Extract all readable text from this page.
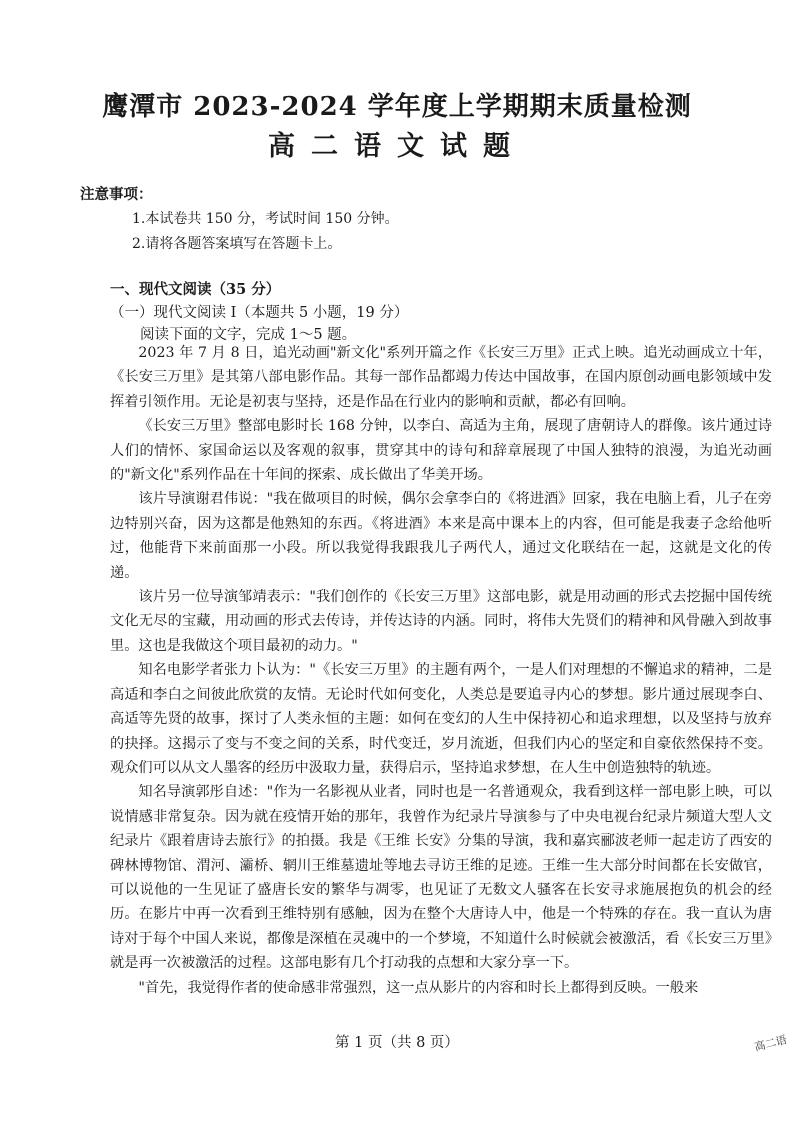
鹰潭市 2023-2024 学年度上学期期末质量检测
高二语文试题
注意事项：
1.本试卷共 150 分，考试时间 150 分钟。
2.请将各题答案填写在答题卡上。
一、现代文阅读（35 分）
（一）现代文阅读 I（本题共 5 小题，19 分）
阅读下面的文字，完成 1～5 题。

2023 年 7 月 8 日，追光动画"新文化"系列开篇之作《长安三万里》正式上映。追光动画成立十年，《长安三万里》是其第八部电影作品。其每一部作品都竭力传达中国故事，在国内原创动画电影领域中发挥着引领作用。无论是初衷与坚持，还是作品在行业内的影响和贡献，都必有回响。

《长安三万里》整部电影时长 168 分钟，以李白、高适为主角，展现了唐朝诗人的群像。该片通过诗人们的情怀、家国命运以及客观的叙事，贯穿其中的诗句和辞章展现了中国人独特的浪漫，为追光动画的"新文化"系列作品在十年间的探索、成长做出了华美开场。

该片导演谢君伟说："我在做项目的时候，偶尔会拿李白的《将进酒》回家，我在电脑上看，儿子在旁边特别兴奋，因为这都是他熟知的东西。《将进酒》本来是高中课本上的内容，但可能是我妻子念给他听过，他能背下来前面那一小段。所以我觉得我跟我儿子两代人，通过文化联结在一起，这就是文化的传递。

该片另一位导演邹靖表示："我们创作的《长安三万里》这部电影，就是用动画的形式去挖掘中国传统文化无尽的宝藏，用动画的形式去传诗，并传达诗的内涵。同时，将伟大先贤们的精神和风骨融入到故事里。这也是我做这个项目最初的动力。"

知名电影学者张力卜认为："《长安三万里》的主题有两个，一是人们对理想的不懈追求的精神，二是高适和李白之间彼此欣赏的友情。无论时代如何变化，人类总是要追寻内心的梦想。影片通过展现李白、高适等先贤的故事，探讨了人类永恒的主题：如何在变幻的人生中保持初心和追求理想，以及坚持与放弃的抉择。这揭示了变与不变之间的关系，时代变迁，岁月流逝，但我们内心的坚定和自豪依然保持不变。观众们可以从文人墨客的经历中汲取力量，获得启示，坚持追求梦想，在人生中创造独特的轨迹。

知名导演郭彤自述："作为一名影视从业者，同时也是一名普通观众，我看到这样一部电影上映，可以说情感非常复杂。因为就在疫情开始的那年，我曾作为纪录片导演参与了中央电视台纪录片频道大型人文纪录片《跟着唐诗去旅行》的拍摄。我是《王维 长安》分集的导演，我和嘉宾郦波老师一起走访了西安的碑林博物馆、渭河、灞桥、辋川王维墓遗址等地去寻访王维的足迹。王维一生大部分时间都在长安做官，可以说他的一生见证了盛唐长安的繁华与凋零，也见证了无数文人骚客在长安寻求施展抱负的机会的经历。在影片中再一次看到王维特别有感触，因为在整个大唐诗人中，他是一个特殊的存在。我一直认为唐诗对于每个中国人来说，都像是深植在灵魂中的一个梦境，不知道什么时候就会被激活，看《长安三万里》就是再一次被激活的过程。这部电影有几个打动我的点想和大家分享一下。

"首先，我觉得作者的使命感非常强烈，这一点从影片的内容和时长上都得到反映。一般来

第 1 页（共 8 页）	高二语
